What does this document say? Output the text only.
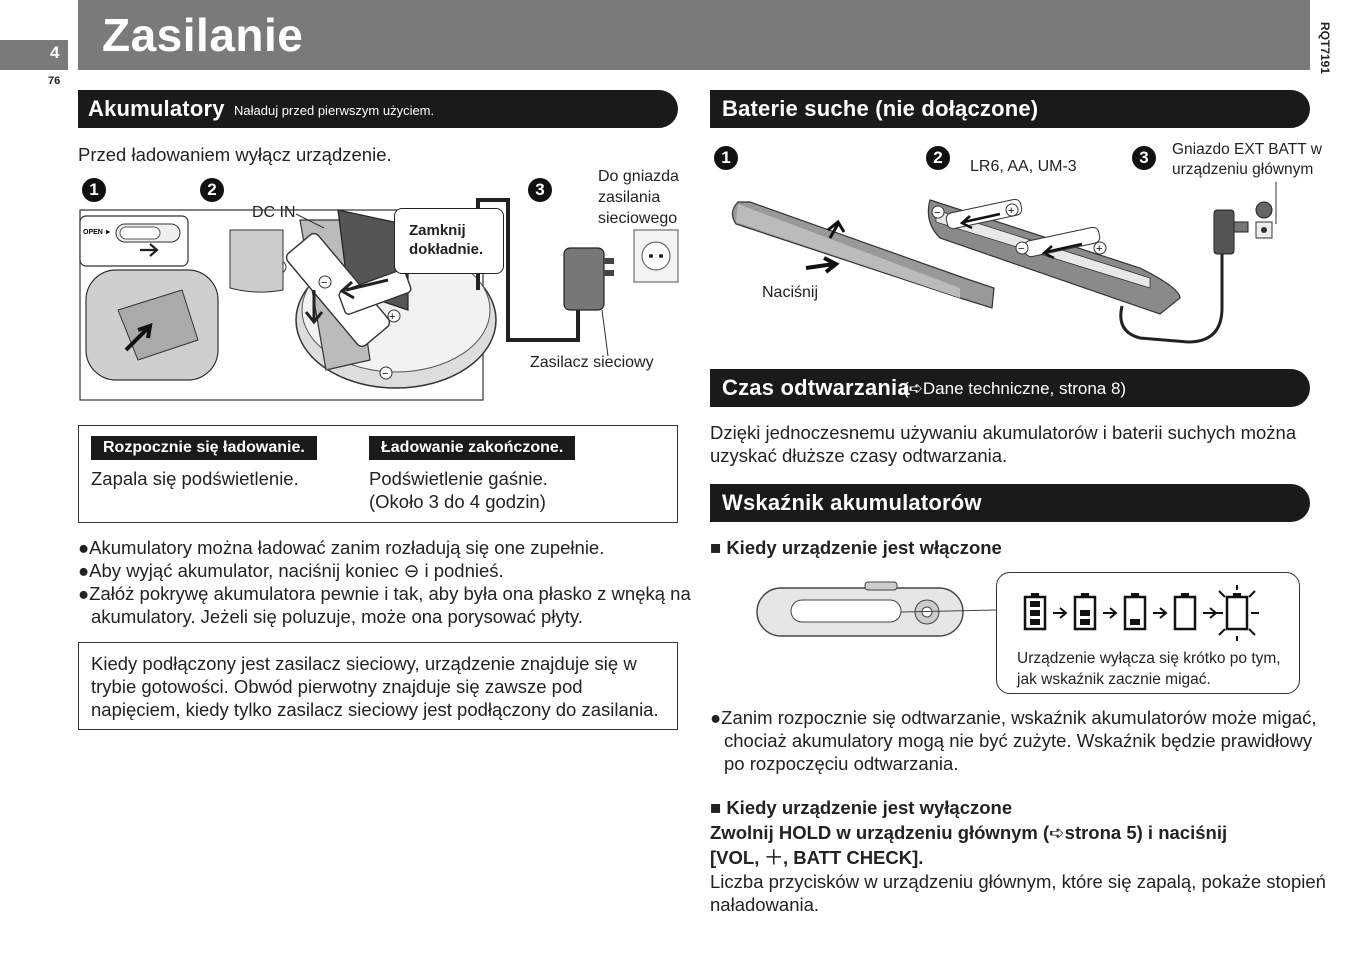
Zasilanie
4
76
RQT7191
Akumulatory Naładuj przed pierwszym użyciem.
Przed ładowaniem wyłącz urządzenie.
1	2	3
DC IN
−
+
−
OPEN ►	Zamknij
dokładnie.
Do gniazda
zasilania
sieciowego
Zasilacz sieciowy
Rozpocznie się ładowanie.
Zapala się podświetlenie.
Ładowanie zakończone.
Podświetlenie gaśnie.
(Około 3 do 4 godzin)
●Akumulatory można ładować zanim rozładują się one zupełnie.
●Aby wyjąć akumulator, naciśnij koniec ⊖ i podnieś.
●Załóż pokrywę akumulatora pewnie i tak, aby była ona płasko z wnęką na
akumulatory. Jeżeli się poluzuje, może ona porysować płyty.
Kiedy podłączony jest zasilacz sieciowy, urządzenie znajduje się w
trybie gotowości. Obwód pierwotny znajduje się zawsze pod
napięciem, kiedy tylko zasilacz sieciowy jest podłączony do zasilania.
Baterie suche (nie dołączone)
1	2	3
LR6, AA, UM-3
Gniazdo EXT BATT w
urządzeniu głównym
Naciśnij
−	+
−	+
Czas odtwarzania
(➪Dane techniczne, strona 8)
Dzięki jednoczesnemu używaniu akumulatorów i baterii suchych można
uzyskać dłuższe czasy odtwarzania.
Wskaźnik akumulatorów
■ Kiedy urządzenie jest włączone
Urządzenie wyłącza się krótko po tym,
jak wskaźnik zacznie migać.
●Zanim rozpocznie się odtwarzanie, wskaźnik akumulatorów może migać,
chociaż akumulatory mogą nie być zużyte. Wskaźnik będzie prawidłowy
po rozpoczęciu odtwarzania.
■ Kiedy urządzenie jest wyłączone
Zwolnij HOLD w urządzeniu głównym (➪strona 5) i naciśnij
[VOL, ＋, BATT CHECK].
Liczba przycisków w urządzeniu głównym, które się zapalą, pokaże stopień
naładowania.
